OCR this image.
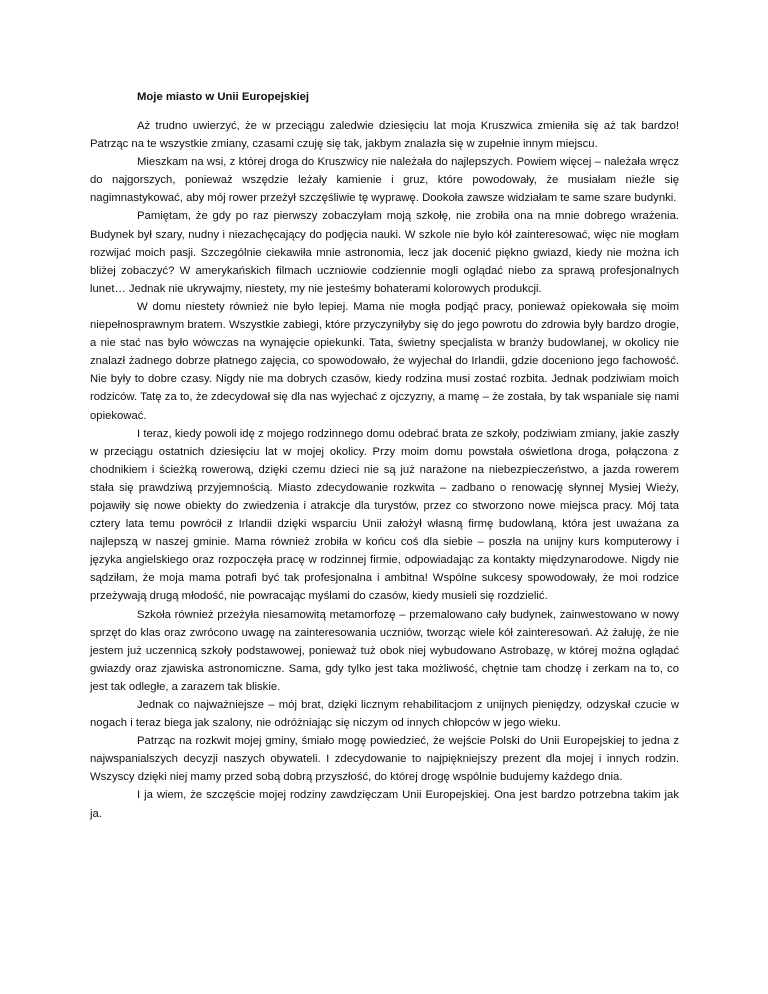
Moje miasto w Unii Europejskiej

Aż trudno uwierzyć, że w przeciągu zaledwie dziesięciu lat moja Kruszwica zmieniła się aż tak bardzo! Patrząc na te wszystkie zmiany, czasami czuję się tak, jakbym znalazła się w zupełnie innym miejscu.

Mieszkam na wsi, z której droga do Kruszwicy nie należała do najlepszych. Powiem więcej – należała wręcz do najgorszych, ponieważ wszędzie leżały kamienie i gruz, które powodowały, że musiałam nieźle się nagimnastykować, aby mój rower przeżył szczęśliwie tę wyprawę. Dookoła zawsze widziałam te same szare budynki.

Pamiętam, że gdy po raz pierwszy zobaczyłam moją szkołę, nie zrobiła ona na mnie dobrego wrażenia. Budynek był szary, nudny i niezachęcający do podjęcia nauki. W szkole nie było kół zainteresować, więc nie mogłam rozwijać moich pasji. Szczególnie ciekawiła mnie astronomia, lecz jak docenić piękno gwiazd, kiedy nie można ich bliżej zobaczyć? W amerykańskich filmach uczniowie codziennie mogli oglądać niebo za sprawą profesjonalnych lunet… Jednak nie ukrywajmy, niestety, my nie jesteśmy bohaterami kolorowych produkcji.

W domu niestety również nie było lepiej. Mama nie mogła podjąć pracy, ponieważ opiekowała się moim niepełnosprawnym bratem. Wszystkie zabiegi, które przyczyniłyby się do jego powrotu do zdrowia były bardzo drogie, a nie stać nas było wówczas na wynajęcie opiekunki. Tata, świetny specjalista w branży budowlanej, w okolicy nie znalazł żadnego dobrze płatnego zajęcia, co spowodowało, że wyjechał do Irlandii, gdzie doceniono jego fachowość. Nie były to dobre czasy. Nigdy nie ma dobrych czasów, kiedy rodzina musi zostać rozbita. Jednak podziwiam moich rodziców. Tatę za to, że zdecydował się dla nas wyjechać z ojczyzny, a mamę – że została, by tak wspaniale się nami opiekować.

I teraz, kiedy powoli idę z mojego rodzinnego domu odebrać brata ze szkoły, podziwiam zmiany, jakie zaszły w przeciągu ostatnich dziesięciu lat w mojej okolicy. Przy moim domu powstała oświetlona droga, połączona z chodnikiem i ścieżką rowerową, dzięki czemu dzieci nie są już narażone na niebezpieczeństwo, a jazda rowerem stała się prawdziwą przyjemnością. Miasto zdecydowanie rozkwita – zadbano o renowację słynnej Mysiej Wieży, pojawiły się nowe obiekty do zwiedzenia i atrakcje dla turystów, przez co stworzono nowe miejsca pracy. Mój tata cztery lata temu powrócił z Irlandii dzięki wsparciu Unii założył własną firmę budowlaną, która jest uważana za najlepszą w naszej gminie. Mama również zrobiła w końcu coś dla siebie – poszła na unijny kurs komputerowy i języka angielskiego oraz rozpoczęła pracę w rodzinnej firmie, odpowiadając za kontakty międzynarodowe. Nigdy nie sądziłam, że moja mama potrafi być tak profesjonalna i ambitna! Wspólne sukcesy spowodowały, że moi rodzice przeżywają drugą młodość, nie powracając myślami do czasów, kiedy musieli się rozdzielić.

Szkoła również przeżyła niesamowitą metamorfozę – przemalowano cały budynek, zainwestowano w nowy sprzęt do klas oraz zwrócono uwagę na zainteresowania uczniów, tworząc wiele kół zainteresowań. Aż żałuję, że nie jestem już uczennicą szkoły podstawowej, ponieważ tuż obok niej wybudowano Astrobazę, w której można oglądać gwiazdy oraz zjawiska astronomiczne. Sama, gdy tylko jest taka możliwość, chętnie tam chodzę i zerkam na to, co jest tak odległe, a zarazem tak bliskie.

Jednak co najważniejsze – mój brat, dzięki licznym rehabilitacjom z unijnych pieniędzy, odzyskał czucie w nogach i teraz biega jak szalony, nie odróżniając się niczym od innych chłopców w jego wieku.

Patrząc na rozkwit mojej gminy, śmiało mogę powiedzieć, że wejście Polski do Unii Europejskiej to jedna z najwspanialszych decyzji naszych obywateli. I zdecydowanie to najpiękniejszy prezent dla mojej i innych rodzin. Wszyscy dzięki niej mamy przed sobą dobrą przyszłość, do której drogę wspólnie budujemy każdego dnia.

I ja wiem, że szczęście mojej rodziny zawdzięczam Unii Europejskiej. Ona jest bardzo potrzebna takim jak ja.
